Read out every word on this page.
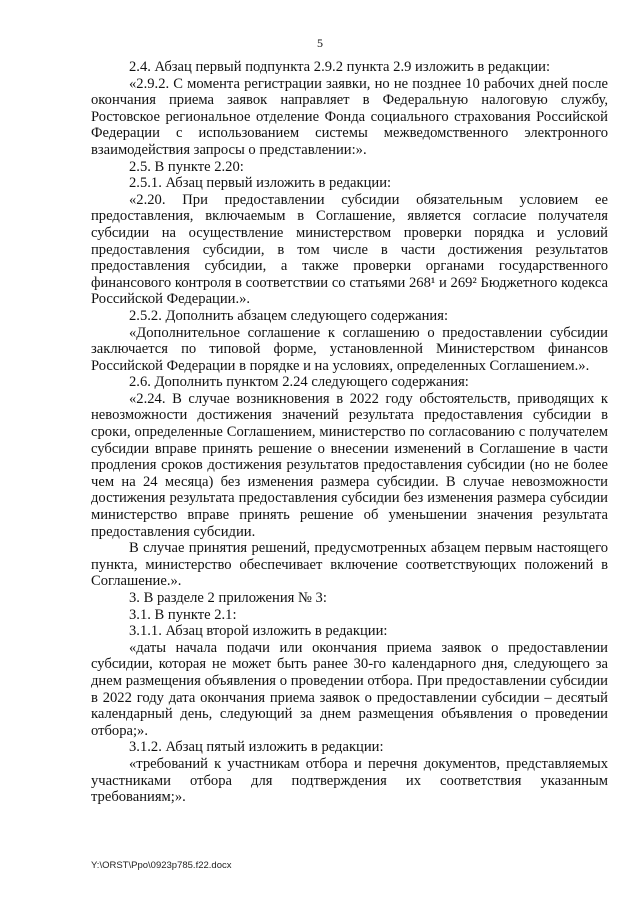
5

2.4. Абзац первый подпункта 2.9.2 пункта 2.9 изложить в редакции:

«2.9.2. С момента регистрации заявки, но не позднее 10 рабочих дней после окончания приема заявок направляет в Федеральную налоговую службу, Ростовское региональное отделение Фонда социального страхования Российской Федерации с использованием системы межведомственного электронного взаимодействия запросы о представлении:».

2.5. В пункте 2.20:

2.5.1. Абзац первый изложить в редакции:

«2.20. При предоставлении субсидии обязательным условием ее предоставления, включаемым в Соглашение, является согласие получателя субсидии на осуществление министерством проверки порядка и условий предоставления субсидии, в том числе в части достижения результатов предоставления субсидии, а также проверки органами государственного финансового контроля в соответствии со статьями 268¹ и 269² Бюджетного кодекса Российской Федерации.».

2.5.2. Дополнить абзацем следующего содержания:

«Дополнительное соглашение к соглашению о предоставлении субсидии заключается по типовой форме, установленной Министерством финансов Российской Федерации в порядке и на условиях, определенных Соглашением.».

2.6. Дополнить пунктом 2.24 следующего содержания:

«2.24. В случае возникновения в 2022 году обстоятельств, приводящих к невозможности достижения значений результата предоставления субсидии в сроки, определенные Соглашением, министерство по согласованию с получателем субсидии вправе принять решение о внесении изменений в Соглашение в части продления сроков достижения результатов предоставления субсидии (но не более чем на 24 месяца) без изменения размера субсидии. В случае невозможности достижения результата предоставления субсидии без изменения размера субсидии министерство вправе принять решение об уменьшении значения результата предоставления субсидии.

В случае принятия решений, предусмотренных абзацем первым настоящего пункта, министерство обеспечивает включение соответствующих положений в Соглашение.».

3. В разделе 2 приложения № 3:

3.1. В пункте 2.1:

3.1.1. Абзац второй изложить в редакции:

«даты начала подачи или окончания приема заявок о предоставлении субсидии, которая не может быть ранее 30-го календарного дня, следующего за днем размещения объявления о проведении отбора. При предоставлении субсидии в 2022 году дата окончания приема заявок о предоставлении субсидии – десятый календарный день, следующий за днем размещения объявления о проведении отбора;».

3.1.2. Абзац пятый изложить в редакции:

«требований к участникам отбора и перечня документов, представляемых участниками отбора для подтверждения их соответствия указанным требованиям;».

Y:\ORST\Ppo\0923p785.f22.docx
